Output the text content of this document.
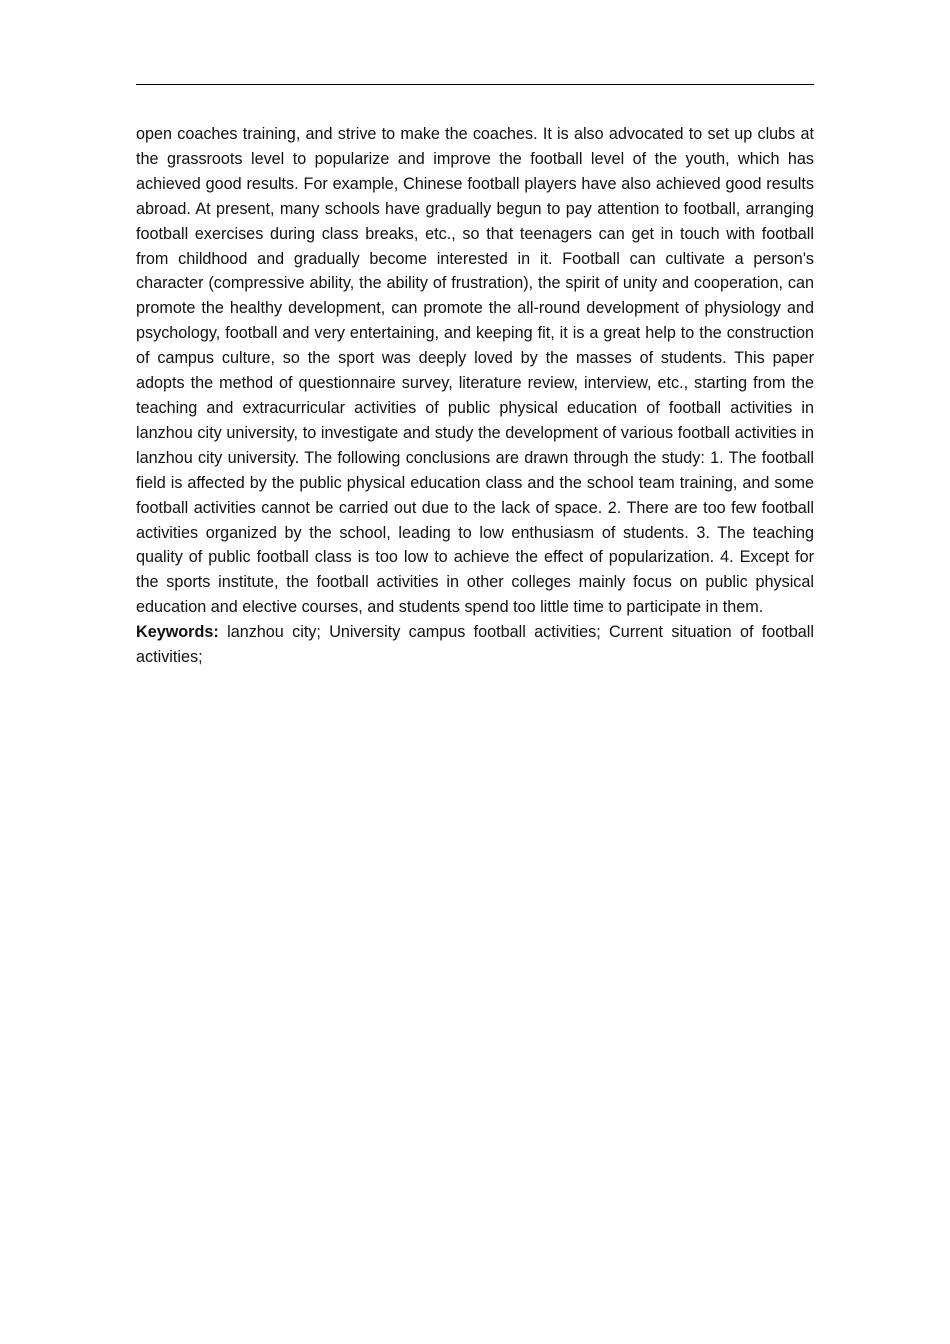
open coaches training, and strive to make the coaches. It is also advocated to set up clubs at the grassroots level to popularize and improve the football level of the youth, which has achieved good results. For example, Chinese football players have also achieved good results abroad. At present, many schools have gradually begun to pay attention to football, arranging football exercises during class breaks, etc., so that teenagers can get in touch with football from childhood and gradually become interested in it. Football can cultivate a person's character (compressive ability, the ability of frustration), the spirit of unity and cooperation, can promote the healthy development, can promote the all-round development of physiology and psychology, football and very entertaining, and keeping fit, it is a great help to the construction of campus culture, so the sport was deeply loved by the masses of students. This paper adopts the method of questionnaire survey, literature review, interview, etc., starting from the teaching and extracurricular activities of public physical education of football activities in lanzhou city university, to investigate and study the development of various football activities in lanzhou city university. The following conclusions are drawn through the study: 1. The football field is affected by the public physical education class and the school team training, and some football activities cannot be carried out due to the lack of space. 2. There are too few football activities organized by the school, leading to low enthusiasm of students. 3. The teaching quality of public football class is too low to achieve the effect of popularization. 4. Except for the sports institute, the football activities in other colleges mainly focus on public physical education and elective courses, and students spend too little time to participate in them.

Keywords: lanzhou city; University campus football activities; Current situation of football activities;
